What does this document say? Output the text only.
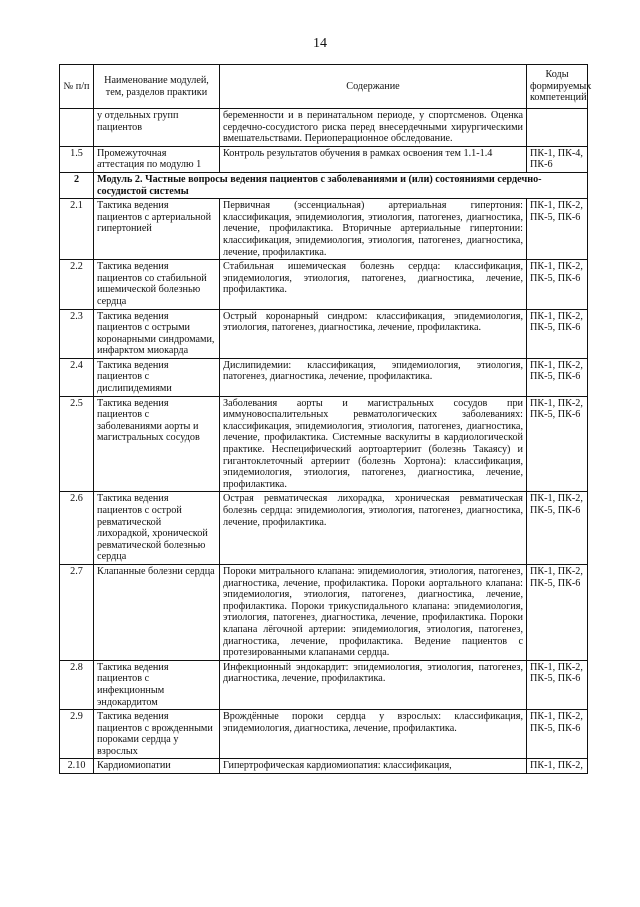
14
№ п/п	Наименование модулей, тем, разделов практики	Содержание	Коды формируемых компетенций
	у отдельных групп пациентов	беременности и в перинатальном периоде, у спортсменов. Оценка сердечно-сосудистого риска перед внесердечными хирургическими вмешательствами. Периоперационное обследование.	
1.5	Промежуточная аттестация по модулю 1	Контроль результатов обучения в рамках освоения тем 1.1-1.4	ПК-1, ПК-4, ПК-6
2	Модуль 2. Частные вопросы ведения пациентов с заболеваниями и (или) состояниями сердечно-сосудистой системы		
2.1	Тактика ведения пациентов с артериальной гипертонией	Первичная (эссенциальная) артериальная гипертония: классификация, эпидемиология, этиология, патогенез, диагностика, лечение, профилактика. Вторичные артериальные гипертонии: классификация, эпидемиология, этиология, патогенез, диагностика, лечение, профилактика.	ПК-1, ПК-2, ПК-5, ПК-6
2.2	Тактика ведения пациентов со стабильной ишемической болезнью сердца	Стабильная ишемическая болезнь сердца: классификация, эпидемиология, этиология, патогенез, диагностика, лечение, профилактика.	ПК-1, ПК-2, ПК-5, ПК-6
2.3	Тактика ведения пациентов с острыми коронарными синдромами, инфарктом миокарда	Острый коронарный синдром: классификация, эпидемиология, этиология, патогенез, диагностика, лечение, профилактика.	ПК-1, ПК-2, ПК-5, ПК-6
2.4	Тактика ведения пациентов с дислипидемиями	Дислипидемии: классификация, эпидемиология, этиология, патогенез, диагностика, лечение, профилактика.	ПК-1, ПК-2, ПК-5, ПК-6
2.5	Тактика ведения пациентов с заболеваниями аорты и магистральных сосудов	Заболевания аорты и магистральных сосудов при иммуновоспалительных ревматологических заболеваниях: классификация, эпидемиология, этиология, патогенез, диагностика, лечение, профилактика. Системные васкулиты в кардиологической практике. Неспецифический аортоартериит (болезнь Такаясу) и гигантоклеточный артериит (болезнь Хортона): классификация, эпидемиология, этиология, патогенез, диагностика, лечение, профилактика.	ПК-1, ПК-2, ПК-5, ПК-6
2.6	Тактика ведения пациентов с острой ревматической лихорадкой, хронической ревматической болезнью сердца	Острая ревматическая лихорадка, хроническая ревматическая болезнь сердца: эпидемиология, этиология, патогенез, диагностика, лечение, профилактика.	ПК-1, ПК-2, ПК-5, ПК-6
2.7	Клапанные болезни сердца	Пороки митрального клапана: эпидемиология, этиология, патогенез, диагностика, лечение, профилактика. Пороки аортального клапана: эпидемиология, этиология, патогенез, диагностика, лечение, профилактика. Пороки трикуспидального клапана: эпидемиология, этиология, патогенез, диагностика, лечение, профилактика. Пороки клапана лёгочной артерии: эпидемиология, этиология, патогенез, диагностика, лечение, профилактика. Ведение пациентов с протезированными клапанами сердца.	ПК-1, ПК-2, ПК-5, ПК-6
2.8	Тактика ведения пациентов с инфекционным эндокардитом	Инфекционный эндокардит: эпидемиология, этиология, патогенез, диагностика, лечение, профилактика.	ПК-1, ПК-2, ПК-5, ПК-6
2.9	Тактика ведения пациентов с врожденными пороками сердца у взрослых	Врождённые пороки сердца у взрослых: классификация, эпидемиология, диагностика, лечение, профилактика.	ПК-1, ПК-2, ПК-5, ПК-6
2.10	Кардиомиопатии	Гипертрофическая кардиомиопатия: классификация,	ПК-1, ПК-2,
